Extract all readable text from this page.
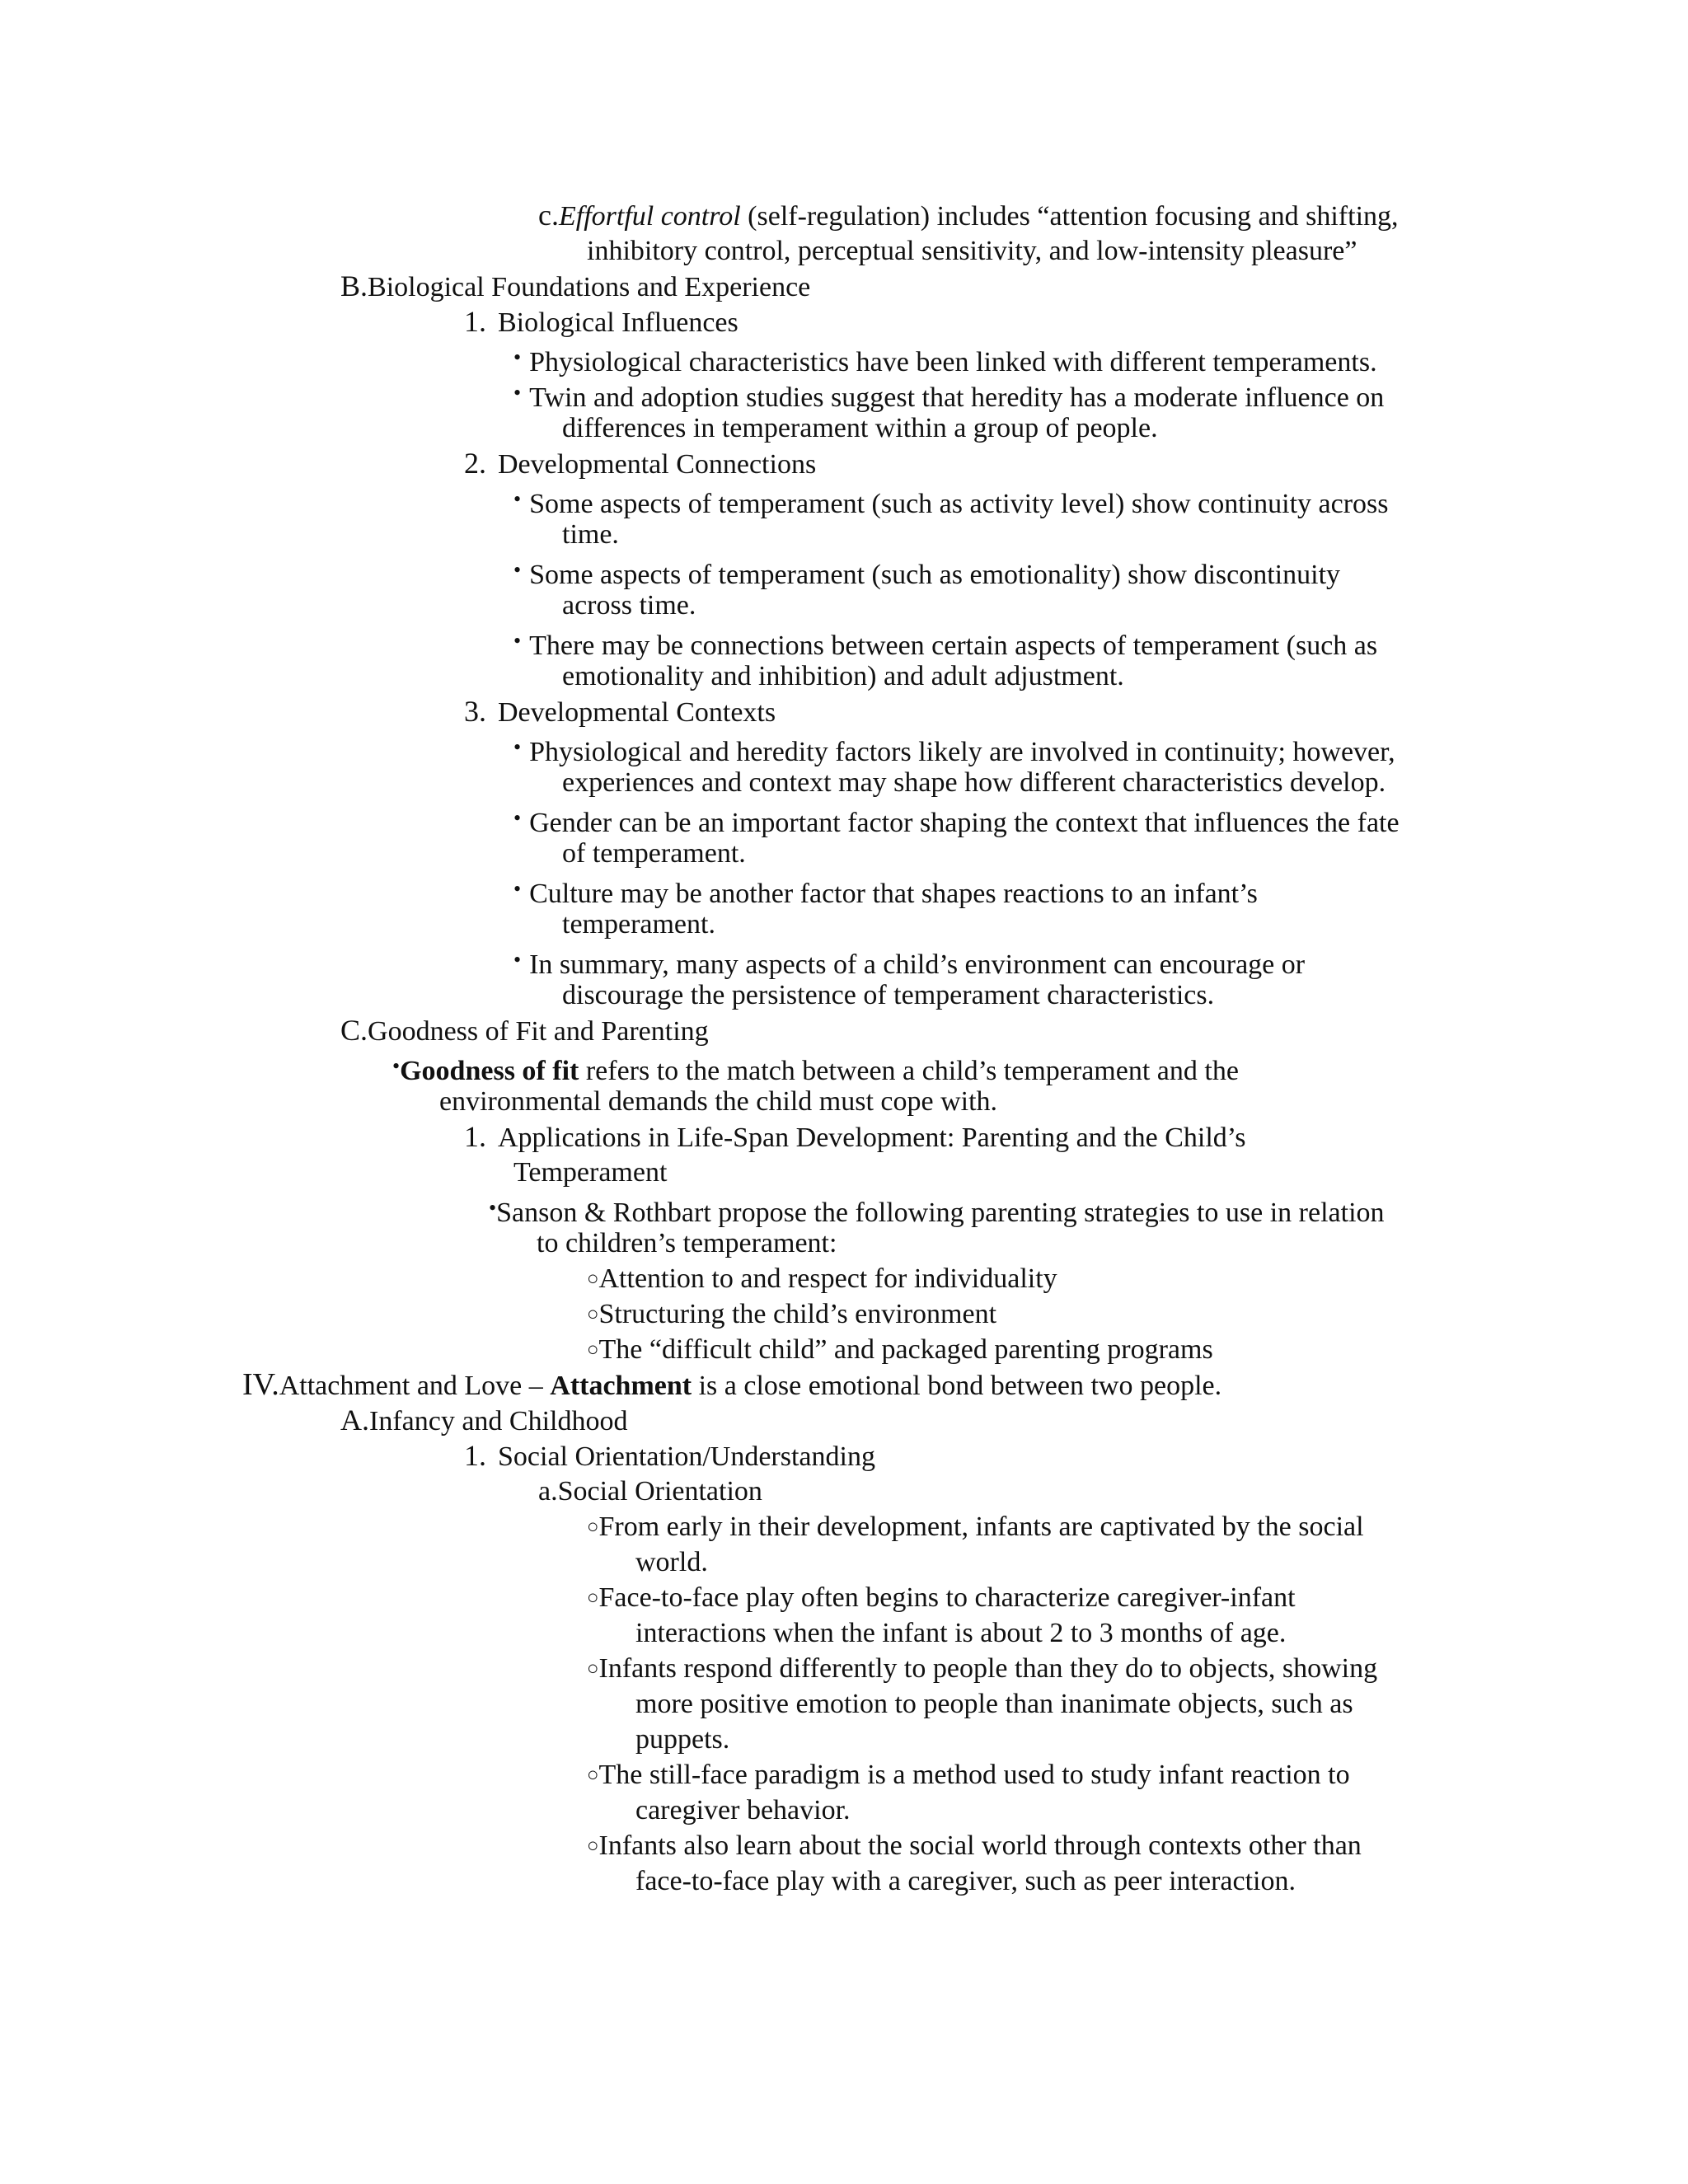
c.Effortful control (self-regulation) includes “attention focusing and shifting,
inhibitory control, perceptual sensitivity, and low-intensity pleasure”
B.Biological Foundations and Experience
1. Biological Influences
• Physiological characteristics have been linked with different temperaments.
• Twin and adoption studies suggest that heredity has a moderate influence on
differences in temperament within a group of people.
2. Developmental Connections
• Some aspects of temperament (such as activity level) show continuity across
time.
• Some aspects of temperament (such as emotionality) show discontinuity
across time.
• There may be connections between certain aspects of temperament (such as
emotionality and inhibition) and adult adjustment.
3. Developmental Contexts
• Physiological and heredity factors likely are involved in continuity; however,
experiences and context may shape how different characteristics develop.
• Gender can be an important factor shaping the context that influences the fate
of temperament.
• Culture may be another factor that shapes reactions to an infant’s
temperament.
• In summary, many aspects of a child’s environment can encourage or
discourage the persistence of temperament characteristics.
C.Goodness of Fit and Parenting
•Goodness of fit refers to the match between a child’s temperament and the
environmental demands the child must cope with.
1. Applications in Life-Span Development: Parenting and the Child’s
Temperament
•Sanson & Rothbart propose the following parenting strategies to use in relation
to children’s temperament:
○Attention to and respect for individuality
○Structuring the child’s environment
○The “difficult child” and packaged parenting programs
IV.Attachment and Love – Attachment is a close emotional bond between two people.
A.Infancy and Childhood
1. Social Orientation/Understanding
a.Social Orientation
○From early in their development, infants are captivated by the social
world.
○Face-to-face play often begins to characterize caregiver-infant
interactions when the infant is about 2 to 3 months of age.
○Infants respond differently to people than they do to objects, showing
more positive emotion to people than inanimate objects, such as
puppets.
○The still-face paradigm is a method used to study infant reaction to
caregiver behavior.
○Infants also learn about the social world through contexts other than
face-to-face play with a caregiver, such as peer interaction.
